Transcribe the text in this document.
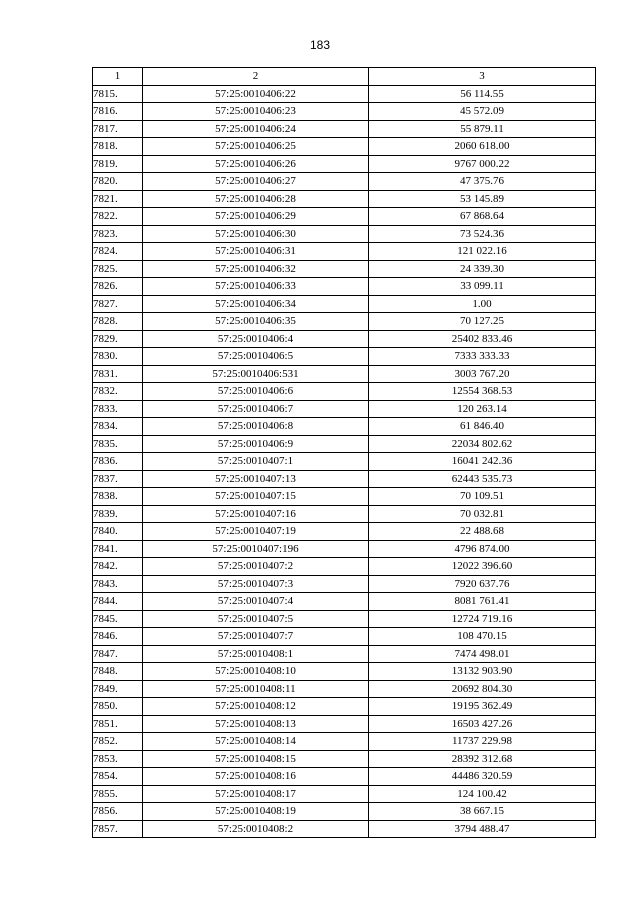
183
1	2	3
7815.	57:25:0010406:22	56 114.55
7816.	57:25:0010406:23	45 572.09
7817.	57:25:0010406:24	55 879.11
7818.	57:25:0010406:25	2060 618.00
7819.	57:25:0010406:26	9767 000.22
7820.	57:25:0010406:27	47 375.76
7821.	57:25:0010406:28	53 145.89
7822.	57:25:0010406:29	67 868.64
7823.	57:25:0010406:30	73 524.36
7824.	57:25:0010406:31	121 022.16
7825.	57:25:0010406:32	24 339.30
7826.	57:25:0010406:33	33 099.11
7827.	57:25:0010406:34	1.00
7828.	57:25:0010406:35	70 127.25
7829.	57:25:0010406:4	25402 833.46
7830.	57:25:0010406:5	7333 333.33
7831.	57:25:0010406:531	3003 767.20
7832.	57:25:0010406:6	12554 368.53
7833.	57:25:0010406:7	120 263.14
7834.	57:25:0010406:8	61 846.40
7835.	57:25:0010406:9	22034 802.62
7836.	57:25:0010407:1	16041 242.36
7837.	57:25:0010407:13	62443 535.73
7838.	57:25:0010407:15	70 109.51
7839.	57:25:0010407:16	70 032.81
7840.	57:25:0010407:19	22 488.68
7841.	57:25:0010407:196	4796 874.00
7842.	57:25:0010407:2	12022 396.60
7843.	57:25:0010407:3	7920 637.76
7844.	57:25:0010407:4	8081 761.41
7845.	57:25:0010407:5	12724 719.16
7846.	57:25:0010407:7	108 470.15
7847.	57:25:0010408:1	7474 498.01
7848.	57:25:0010408:10	13132 903.90
7849.	57:25:0010408:11	20692 804.30
7850.	57:25:0010408:12	19195 362.49
7851.	57:25:0010408:13	16503 427.26
7852.	57:25:0010408:14	11737 229.98
7853.	57:25:0010408:15	28392 312.68
7854.	57:25:0010408:16	44486 320.59
7855.	57:25:0010408:17	124 100.42
7856.	57:25:0010408:19	38 667.15
7857.	57:25:0010408:2	3794 488.47
